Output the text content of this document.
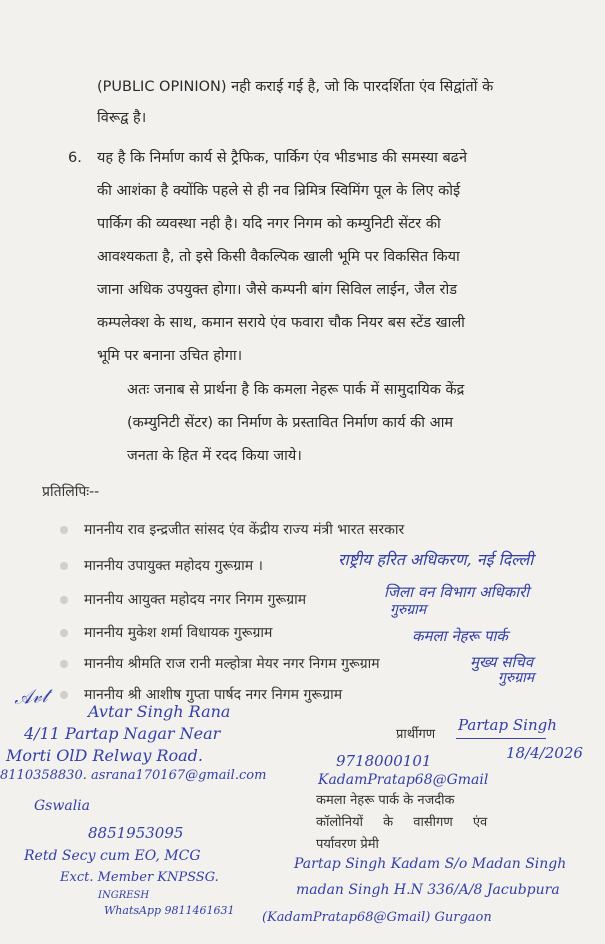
(PUBLIC OPINION) नही कराई गई है, जो कि पारदर्शिता एंव सिद्वांतों के
विरूद्व है।
6. यह है कि निर्माण कार्य से ट्रैफिक, पार्किग एंव भीडभाड की समस्या बढने
की आशंका है क्योंकि पहले से ही नव न्रिमित्र स्विमिंग पूल के लिए कोई
पार्किग की व्यवस्था नही है। यदि नगर निगम को कम्युनिटी सेंटर की
आवश्यकता है, तो इसे किसी वैकल्पिक खाली भूमि पर विकसित किया
जाना अधिक उपयुक्त होगा। जैसे कम्पनी बांग सिविल लाईन, जैल रोड
कम्पलेक्श के साथ, कमान सराये एंव फवारा चौक नियर बस स्टेंड खाली
भूमि पर बनाना उचित होगा।
अतः जनाब से प्रार्थना है कि कमला नेहरू पार्क में सामुदायिक केंद्र
(कम्युनिटी सेंटर) का निर्माण के प्रस्तावित निर्माण कार्य की आम
जनता के हित में रदद किया जाये।
प्रतिलिपिः--
माननीय राव इन्द्रजीत सांसद एंव केंद्रीय राज्य मंत्री भारत सरकार
माननीय उपायुक्त महोदय गुरूग्राम ।
माननीय आयुक्त महोदय नगर निगम गुरूग्राम
माननीय मुकेश शर्मा विधायक गुरूग्राम
माननीय श्रीमति राज रानी मल्होत्रा मेयर नगर निगम गुरूग्राम
माननीय श्री आशीष गुप्ता पार्षद नगर निगम गुरूग्राम
राष्ट्रीय हरित अधिकरण, नई दिल्ली
जिला वन विभाग अधिकारी
गुरुग्राम
कमला नेहरू पार्क
मुख्य सचिव
गुरुग्राम
𝒜𝓋𝓉
Avtar Singh Rana
4/11 Partap Nagar Near
Morti OlD Relway Road.
8110358830. asrana170167@gmail.com
Gswalia
8851953095
Retd Secy cum EO, MCG
Exct. Member KNPSSG.
INGRESH
WhatsApp 9811461631
प्रार्थीगण
Partap Singh
18/4/2026
9718000101
KadamPratap68@Gmail
कमला नेहरू पार्क के नजदीक
कॉलोनियों के वासीगण एंव
पर्यावरण प्रेमी
Partap Singh Kadam S/o Madan Singh
madan Singh H.N 336/A/8 Jacubpura
(KadamPratap68@Gmail) Gurgaon
